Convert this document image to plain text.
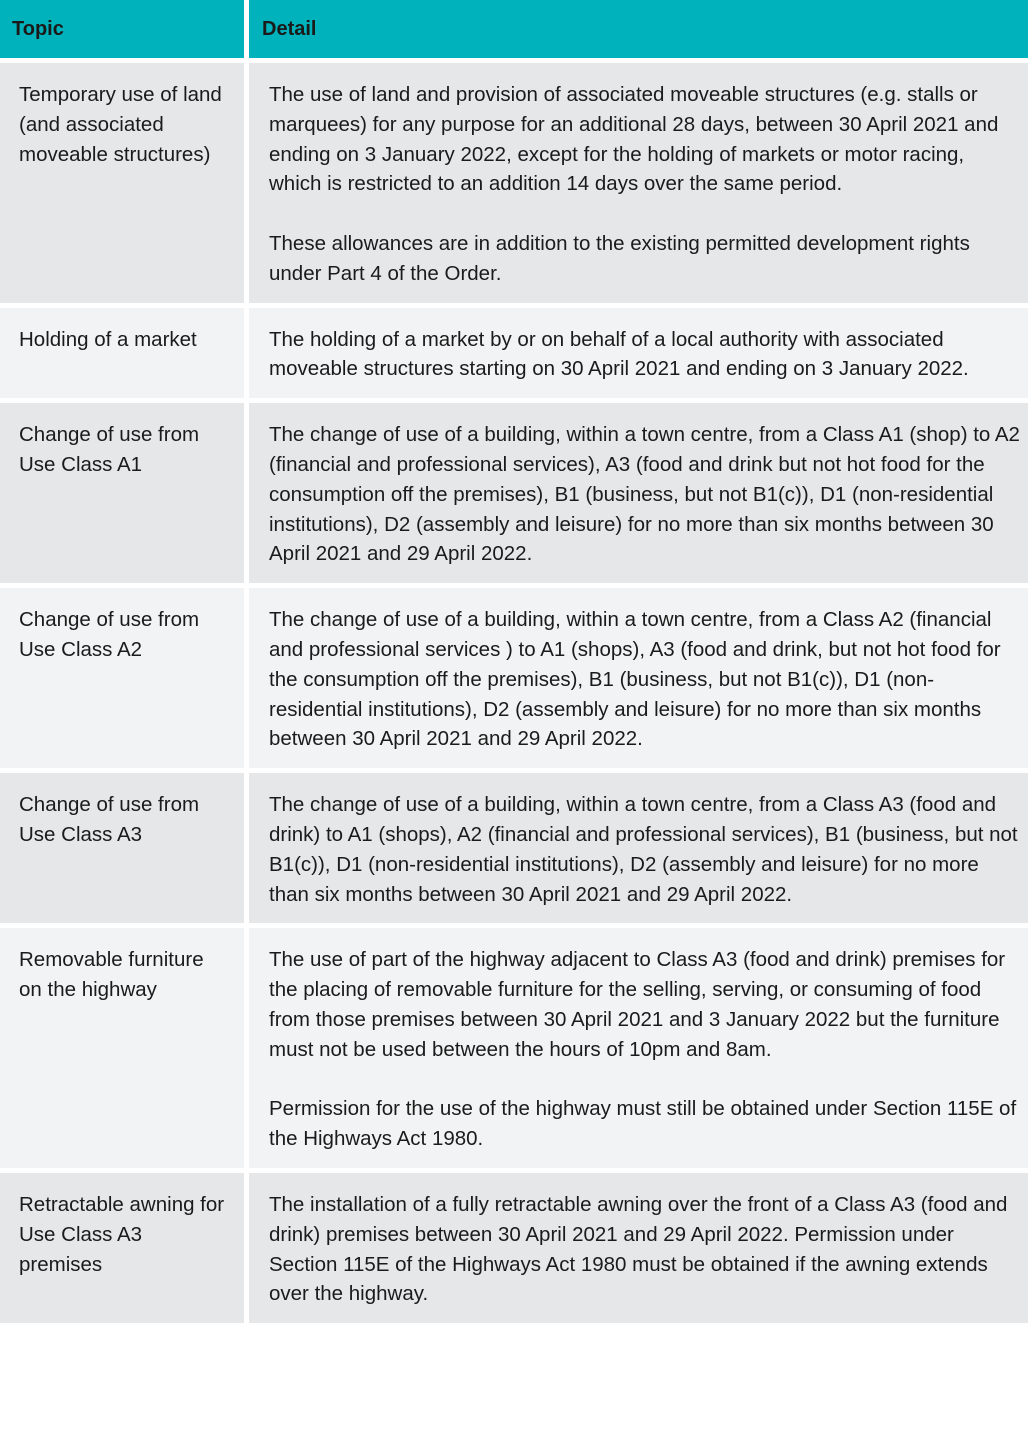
Topic	Detail
Temporary use of land (and associated moveable structures)

The use of land and provision of associated moveable structures (e.g. stalls or marquees) for any purpose for an additional 28 days, between 30 April 2021 and ending on 3 January 2022, except for the holding of markets or motor racing, which is restricted to an addition 14 days over the same period.

These allowances are in addition to the existing permitted development rights under Part 4 of the Order.

Holding of a market	The holding of a market by or on behalf of a local authority with associated moveable structures starting on 30 April 2021 and ending on 3 January 2022.

Change of use from Use Class A1

The change of use of a building, within a town centre, from a Class A1 (shop) to A2 (financial and professional services), A3 (food and drink but not hot food for the consumption off the premises), B1 (business, but not B1(c)), D1 (non-residential institutions), D2 (assembly and leisure) for no more than six months between 30 April 2021 and 29 April 2022.

Change of use from Use Class A2

The change of use of a building, within a town centre, from a Class A2 (financial and professional services ) to A1 (shops), A3 (food and drink, but not hot food for the consumption off the premises), B1 (business, but not B1(c)), D1 (non-residential institutions), D2 (assembly and leisure) for no more than six months between 30 April 2021 and 29 April 2022.

Change of use from Use Class A3

The change of use of a building, within a town centre, from a Class A3 (food and drink) to A1 (shops), A2 (financial and professional services), B1 (business, but not B1(c)), D1 (non-residential institutions), D2 (assembly and leisure) for no more than six months between 30 April 2021 and 29 April 2022.

Removable furniture on the highway

The use of part of the highway adjacent to Class A3 (food and drink) premises for the placing of removable furniture for the selling, serving, or consuming of food from those premises between 30 April 2021 and 3 January 2022 but the furniture must not be used between the hours of 10pm and 8am.

Permission for the use of the highway must still be obtained under Section 115E of the Highways Act 1980.

Retractable awning for Use Class A3 premises

The installation of a fully retractable awning over the front of a Class A3 (food and drink) premises between 30 April 2021 and 29 April 2022. Permission under Section 115E of the Highways Act 1980 must be obtained if the awning extends over the highway.
